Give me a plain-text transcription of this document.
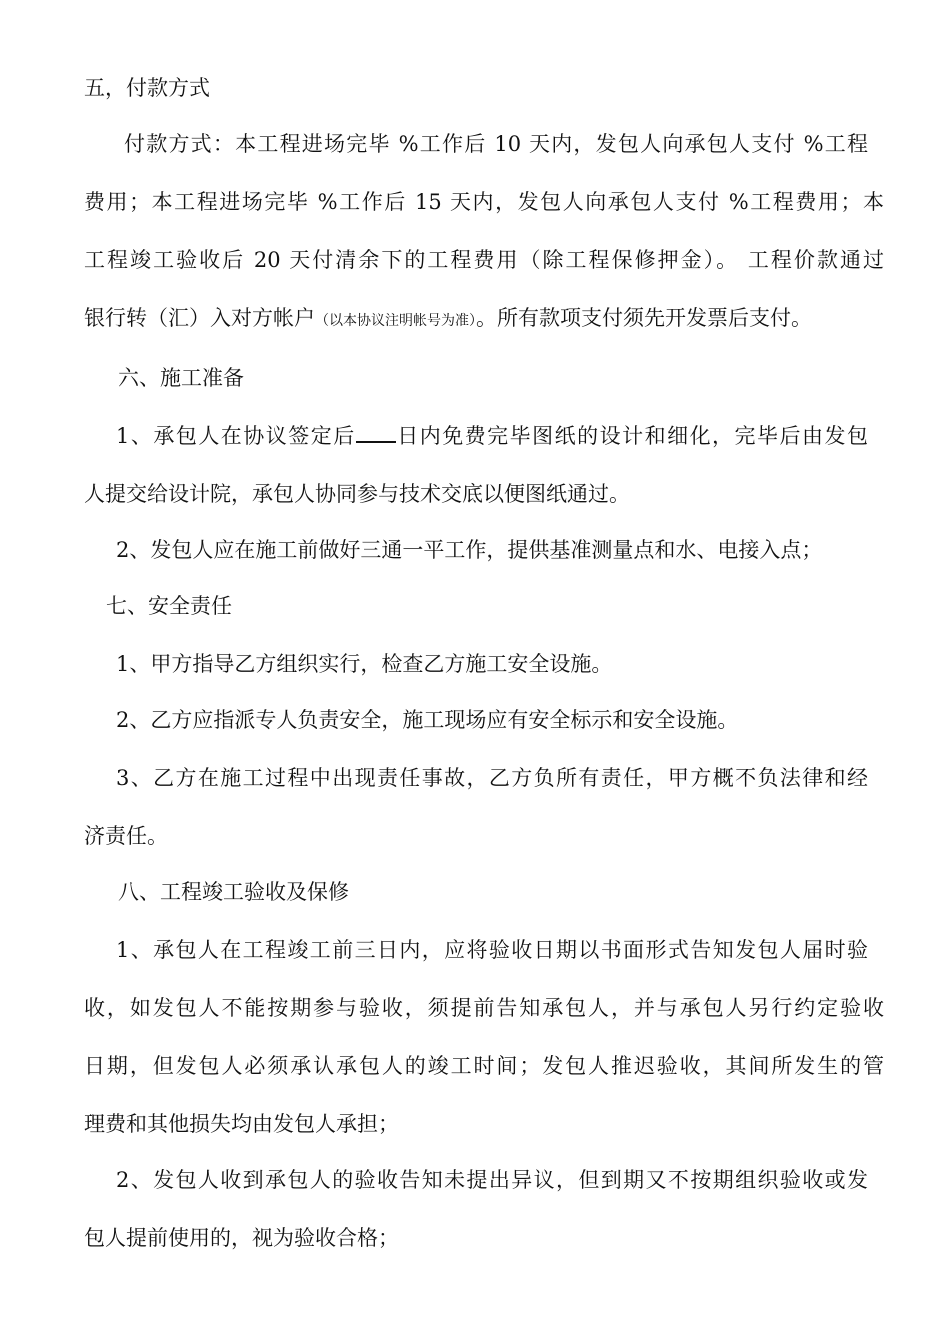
五，付款方式
付款方式：本工程进场完毕 %工作后 10 天内，发包人向承包人支付 %工程
费用；本工程进场完毕 %工作后 15 天内，发包人向承包人支付 %工程费用；本
工程竣工验收后 20 天付清余下的工程费用（除工程保修押金）。 工程价款通过
银行转（汇）入对方帐户（以本协议注明帐号为准）。所有款项支付须先开发票后支付。
六、施工准备
1、承包人在协议签定后 日内免费完毕图纸的设计和细化，完毕后由发包
人提交给设计院，承包人协同参与技术交底以便图纸通过。
2、发包人应在施工前做好三通一平工作，提供基准测量点和水、电接入点；
七、安全责任
1、甲方指导乙方组织实行，检查乙方施工安全设施。
2、乙方应指派专人负责安全，施工现场应有安全标示和安全设施。
3、乙方在施工过程中出现责任事故，乙方负所有责任，甲方概不负法律和经
济责任。
八、工程竣工验收及保修
1、承包人在工程竣工前三日内，应将验收日期以书面形式告知发包人届时验
收，如发包人不能按期参与验收，须提前告知承包人，并与承包人另行约定验收
日期，但发包人必须承认承包人的竣工时间；发包人推迟验收，其间所发生的管
理费和其他损失均由发包人承担；
2、发包人收到承包人的验收告知未提出异议，但到期又不按期组织验收或发
包人提前使用的，视为验收合格；
